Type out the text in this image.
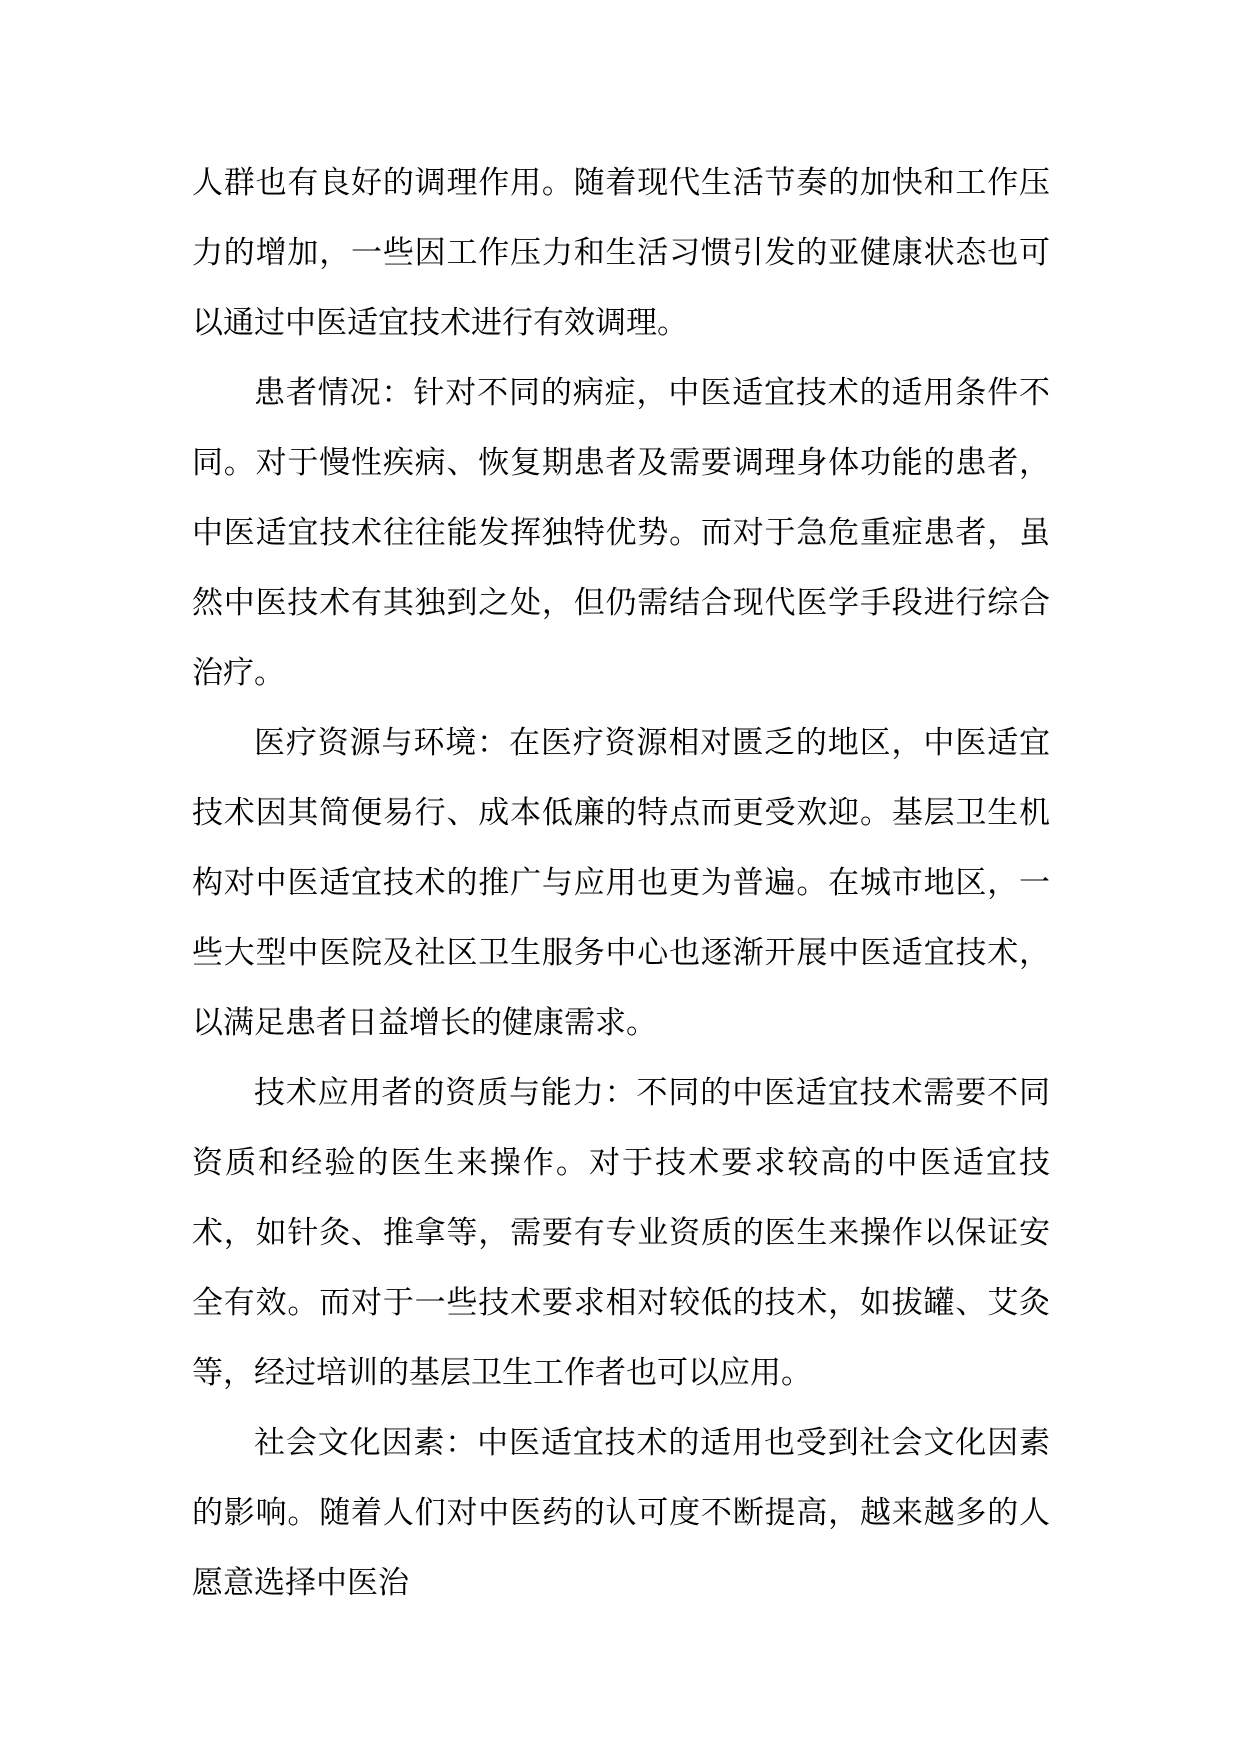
人群也有良好的调理作用。随着现代生活节奏的加快和工作压力的增加，一些因工作压力和生活习惯引发的亚健康状态也可以通过中医适宜技术进行有效调理。

患者情况：针对不同的病症，中医适宜技术的适用条件不同。对于慢性疾病、恢复期患者及需要调理身体功能的患者，中医适宜技术往往能发挥独特优势。而对于急危重症患者，虽然中医技术有其独到之处，但仍需结合现代医学手段进行综合治疗。

医疗资源与环境：在医疗资源相对匮乏的地区，中医适宜技术因其简便易行、成本低廉的特点而更受欢迎。基层卫生机构对中医适宜技术的推广与应用也更为普遍。在城市地区，一些大型中医院及社区卫生服务中心也逐渐开展中医适宜技术，以满足患者日益增长的健康需求。

技术应用者的资质与能力：不同的中医适宜技术需要不同资质和经验的医生来操作。对于技术要求较高的中医适宜技术，如针灸、推拿等，需要有专业资质的医生来操作以保证安全有效。而对于一些技术要求相对较低的技术，如拔罐、艾灸等，经过培训的基层卫生工作者也可以应用。

社会文化因素：中医适宜技术的适用也受到社会文化因素的影响。随着人们对中医药的认可度不断提高，越来越多的人愿意选择中医治
